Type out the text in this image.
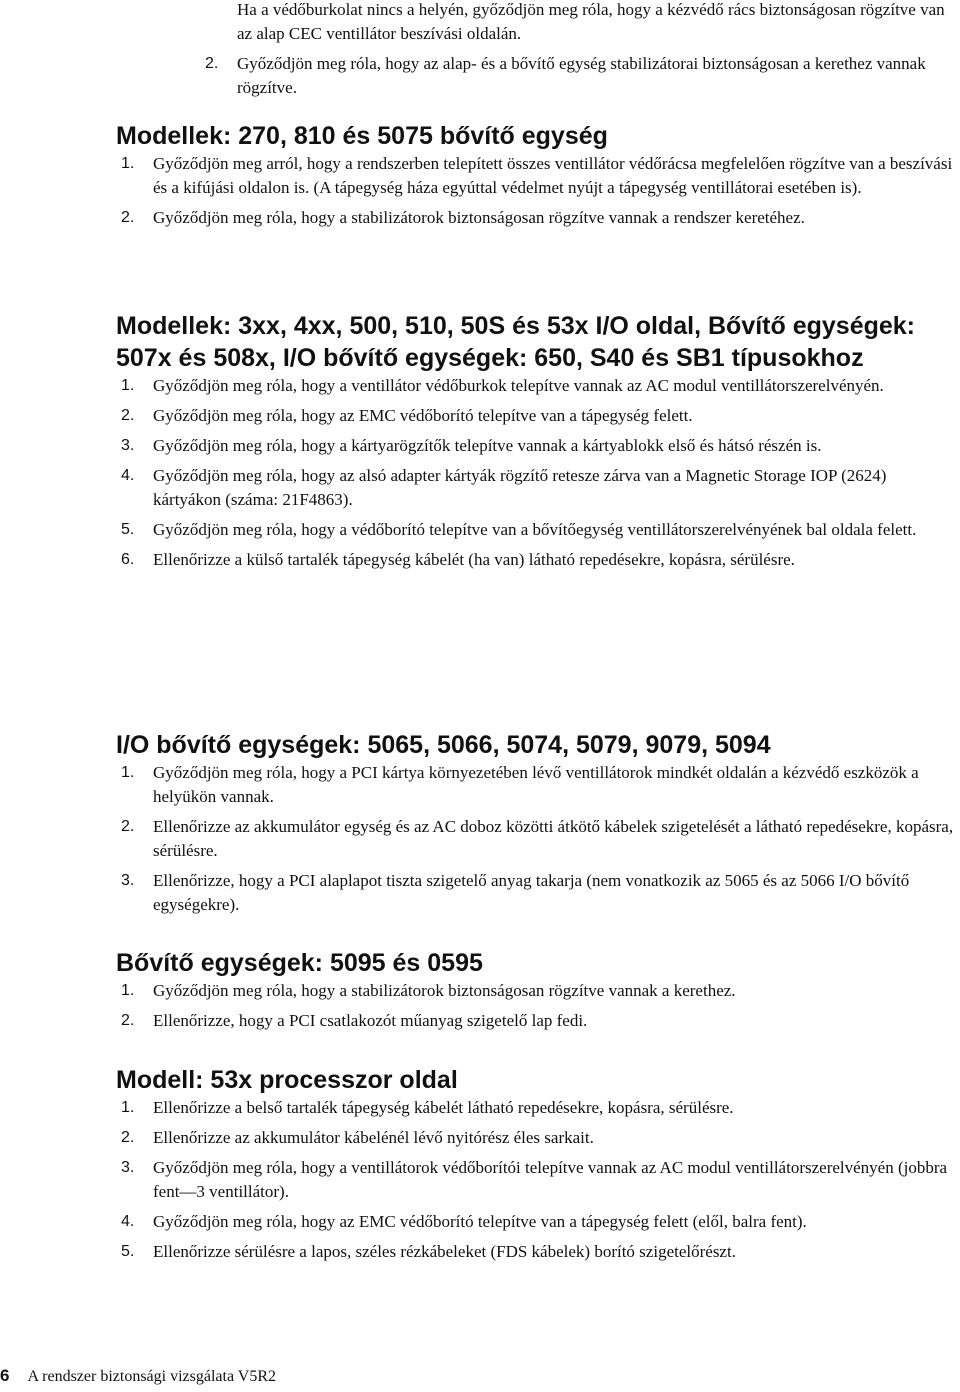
Ha a védőburkolat nincs a helyén, győződjön meg róla, hogy a kézvédő rács biztonságosan rögzítve van az alap CEC ventillátor beszívási oldalán.
2. Győződjön meg róla, hogy az alap- és a bővítő egység stabilizátorai biztonságosan a kerethez vannak rögzítve.
Modellek: 270, 810 és 5075 bővítő egység
1. Győződjön meg arról, hogy a rendszerben telepített összes ventillátor védőrácsa megfelelően rögzítve van a beszívási és a kifújási oldalon is. (A tápegység háza egyúttal védelmet nyújt a tápegység ventillátorai esetében is).
2. Győződjön meg róla, hogy a stabilizátorok biztonságosan rögzítve vannak a rendszer keretéhez.
Modellek: 3xx, 4xx, 500, 510, 50S és 53x I/O oldal, Bővítő egységek: 507x és 508x, I/O bővítő egységek: 650, S40 és SB1 típusokhoz
1. Győződjön meg róla, hogy a ventillátor védőburkok telepítve vannak az AC modul ventillátorszerelvényén.
2. Győződjön meg róla, hogy az EMC védőborító telepítve van a tápegység felett.
3. Győződjön meg róla, hogy a kártyarögzítők telepítve vannak a kártyablokk első és hátsó részén is.
4. Győződjön meg róla, hogy az alsó adapter kártyák rögzítő retesze zárva van a Magnetic Storage IOP (2624) kártyákon (száma: 21F4863).
5. Győződjön meg róla, hogy a védőborító telepítve van a bővítőegység ventillátorszerelvényének bal oldala felett.
6. Ellenőrizze a külső tartalék tápegység kábelét (ha van) látható repedésekre, kopásra, sérülésre.
I/O bővítő egységek: 5065, 5066, 5074, 5079, 9079, 5094
1. Győződjön meg róla, hogy a PCI kártya környezetében lévő ventillátorok mindkét oldalán a kézvédő eszközök a helyükön vannak.
2. Ellenőrizze az akkumulátor egység és az AC doboz közötti átkötő kábelek szigetelését a látható repedésekre, kopásra, sérülésre.
3. Ellenőrizze, hogy a PCI alaplapot tiszta szigetelő anyag takarja (nem vonatkozik az 5065 és az 5066 I/O bővítő egységekre).
Bővítő egységek: 5095 és 0595
1. Győződjön meg róla, hogy a stabilizátorok biztonságosan rögzítve vannak a kerethez.
2. Ellenőrizze, hogy a PCI csatlakozót műanyag szigetelő lap fedi.
Modell: 53x processzor oldal
1. Ellenőrizze a belső tartalék tápegység kábelét látható repedésekre, kopásra, sérülésre.
2. Ellenőrizze az akkumulátor kábelénél lévő nyitórész éles sarkait.
3. Győződjön meg róla, hogy a ventillátorok védőborítói telepítve vannak az AC modul ventillátorszerelvényén (jobbra fent—3 ventillátor).
4. Győződjön meg róla, hogy az EMC védőborító telepítve van a tápegység felett (elől, balra fent).
5. Ellenőrizze sérülésre a lapos, széles rézkábeleket (FDS kábelek) borító szigetelőrészt.
6 A rendszer biztonsági vizsgálata V5R2
